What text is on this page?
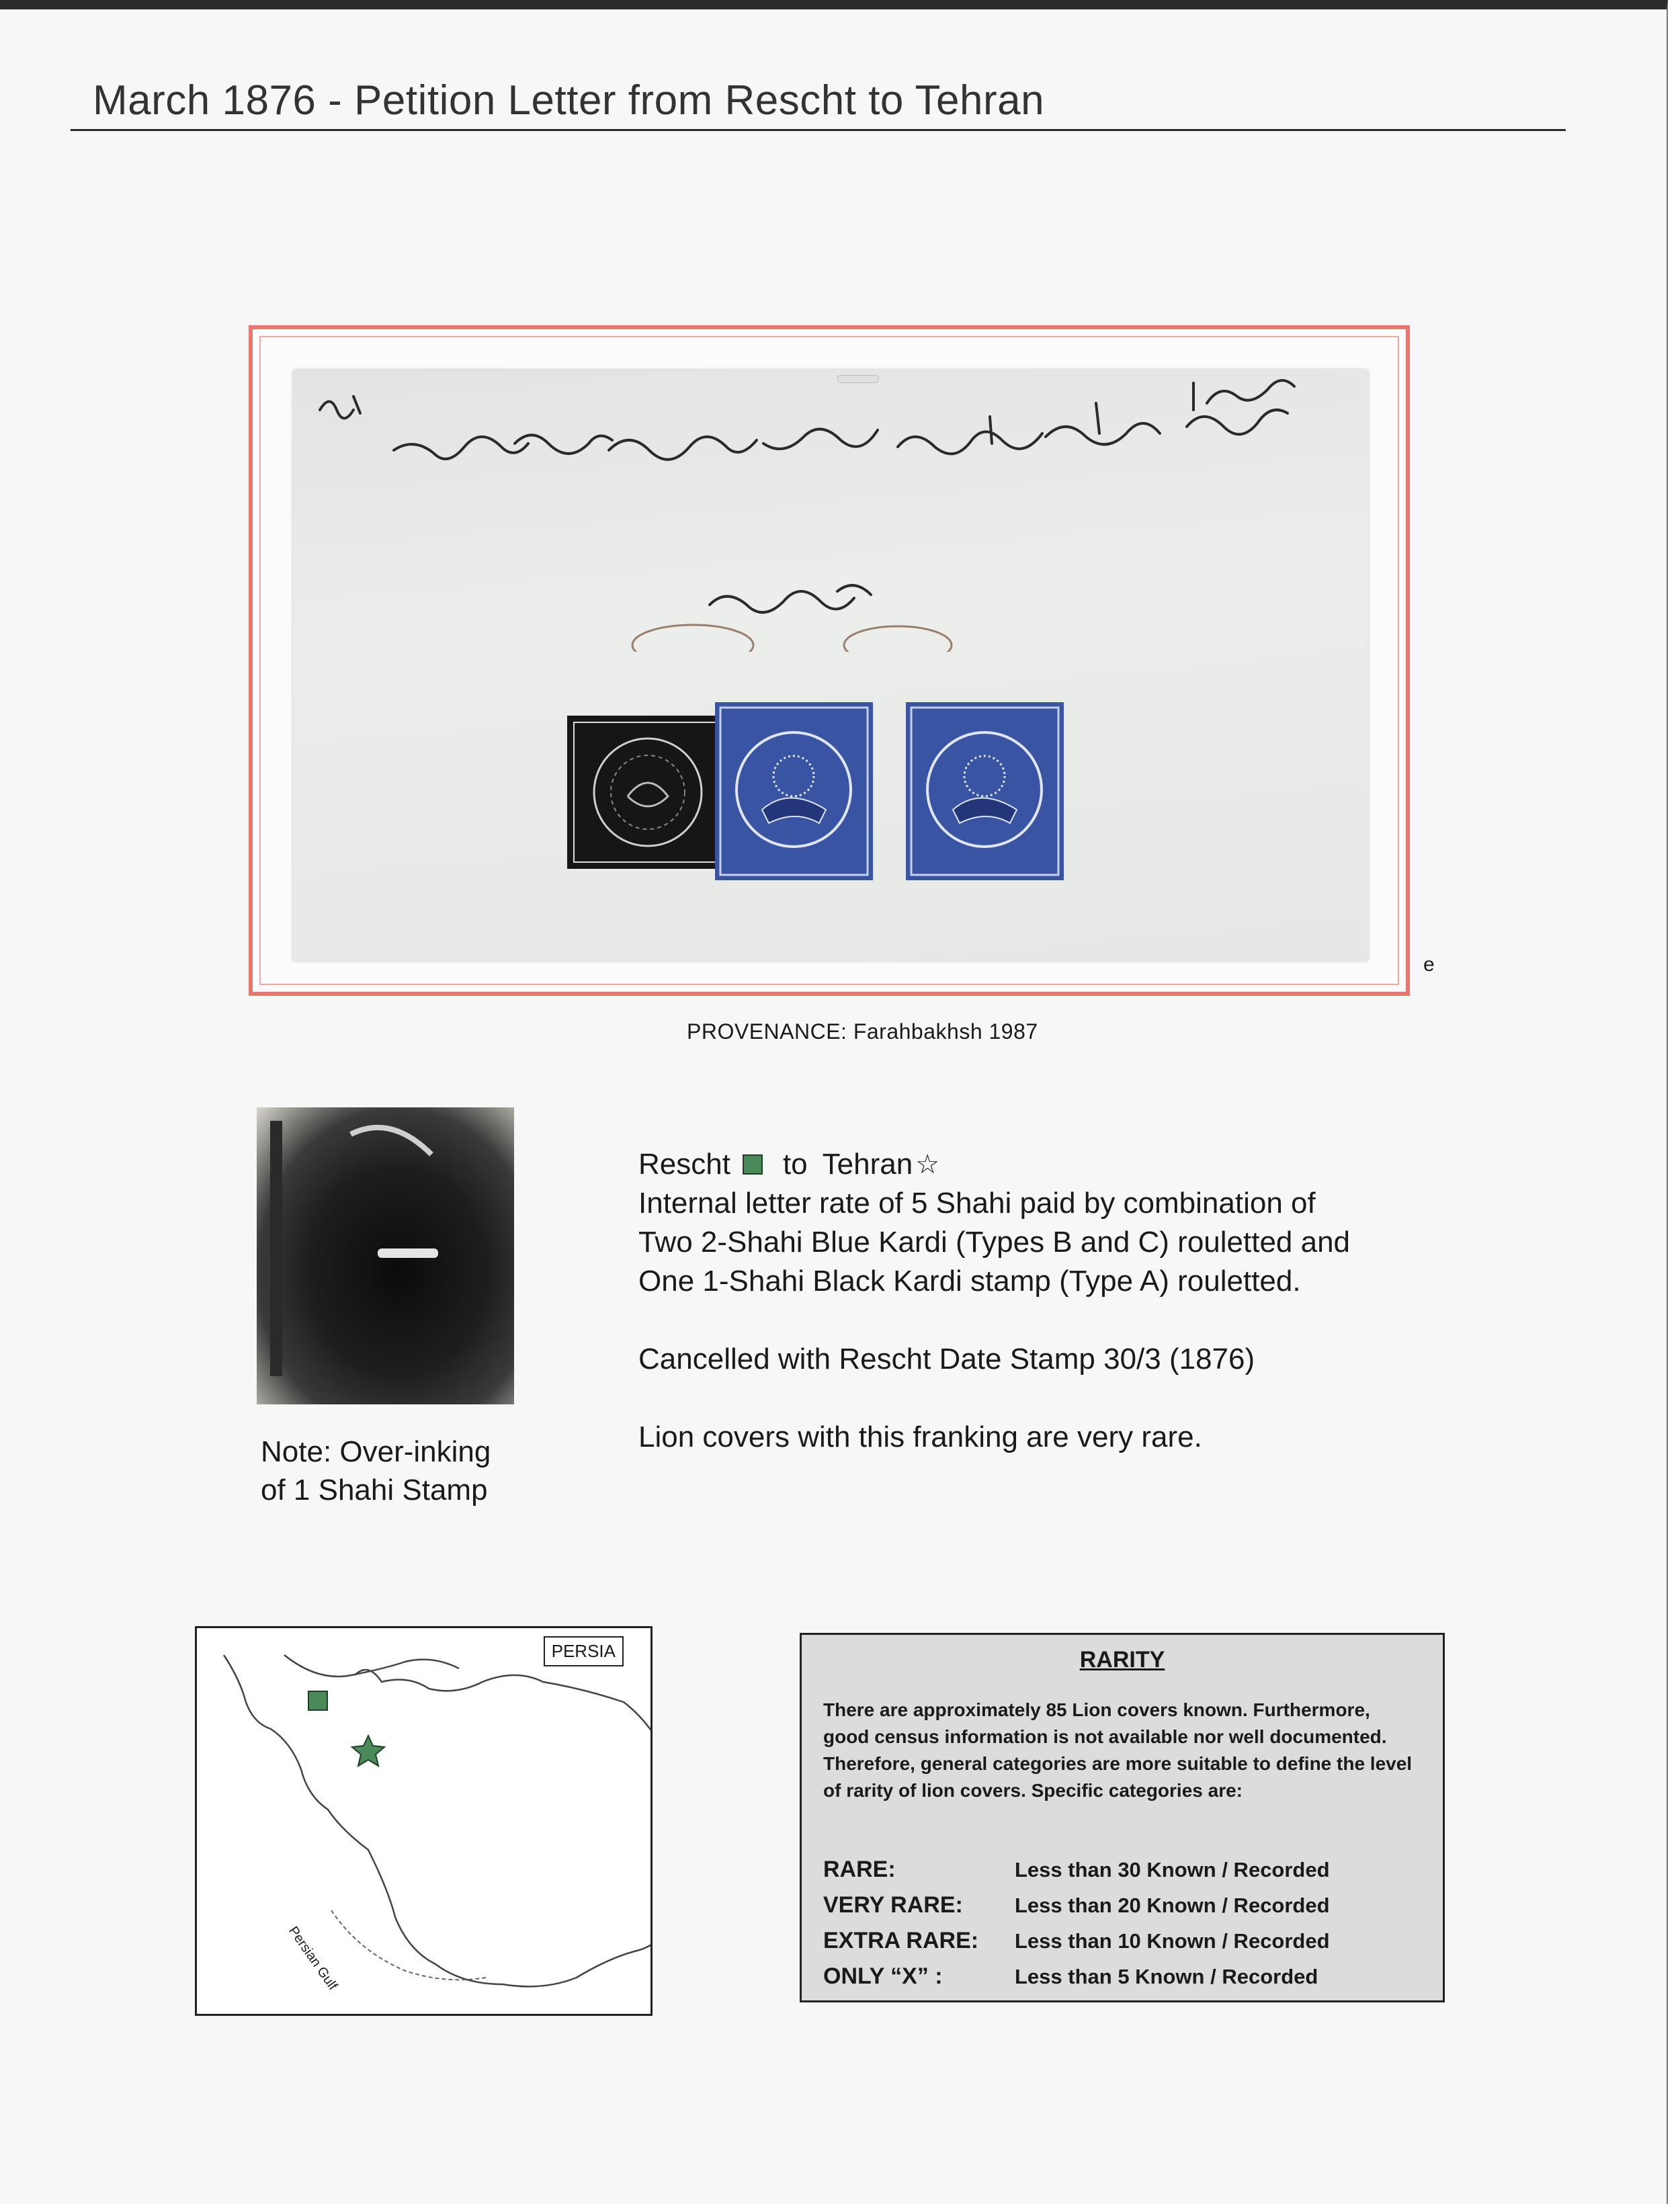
March 1876 - Petition Letter from Rescht to Tehran
e
PROVENANCE: Farahbakhsh 1987
Note: Over-inking
of 1 Shahi Stamp
Rescht to Tehran ☆

Internal letter rate of 5 Shahi paid by combination of

Two 2-Shahi Blue Kardi (Types B and C) rouletted and

One 1-Shahi Black Kardi stamp (Type A) rouletted.

Cancelled with Rescht Date Stamp 30/3 (1876)

Lion covers with this franking are very rare.

PERSIA
Persian Gulf
RARITY
There are approximately 85 Lion covers known. Furthermore, good census information is not available nor well documented. Therefore, general categories are more suitable to define the level of rarity of lion covers. Specific categories are:
RARE:	Less than 30 Known / Recorded
VERY RARE: Less than 20 Known / Recorded
EXTRA RARE: Less than 10 Known / Recorded
ONLY “X” :	Less than 5 Known / Recorded
